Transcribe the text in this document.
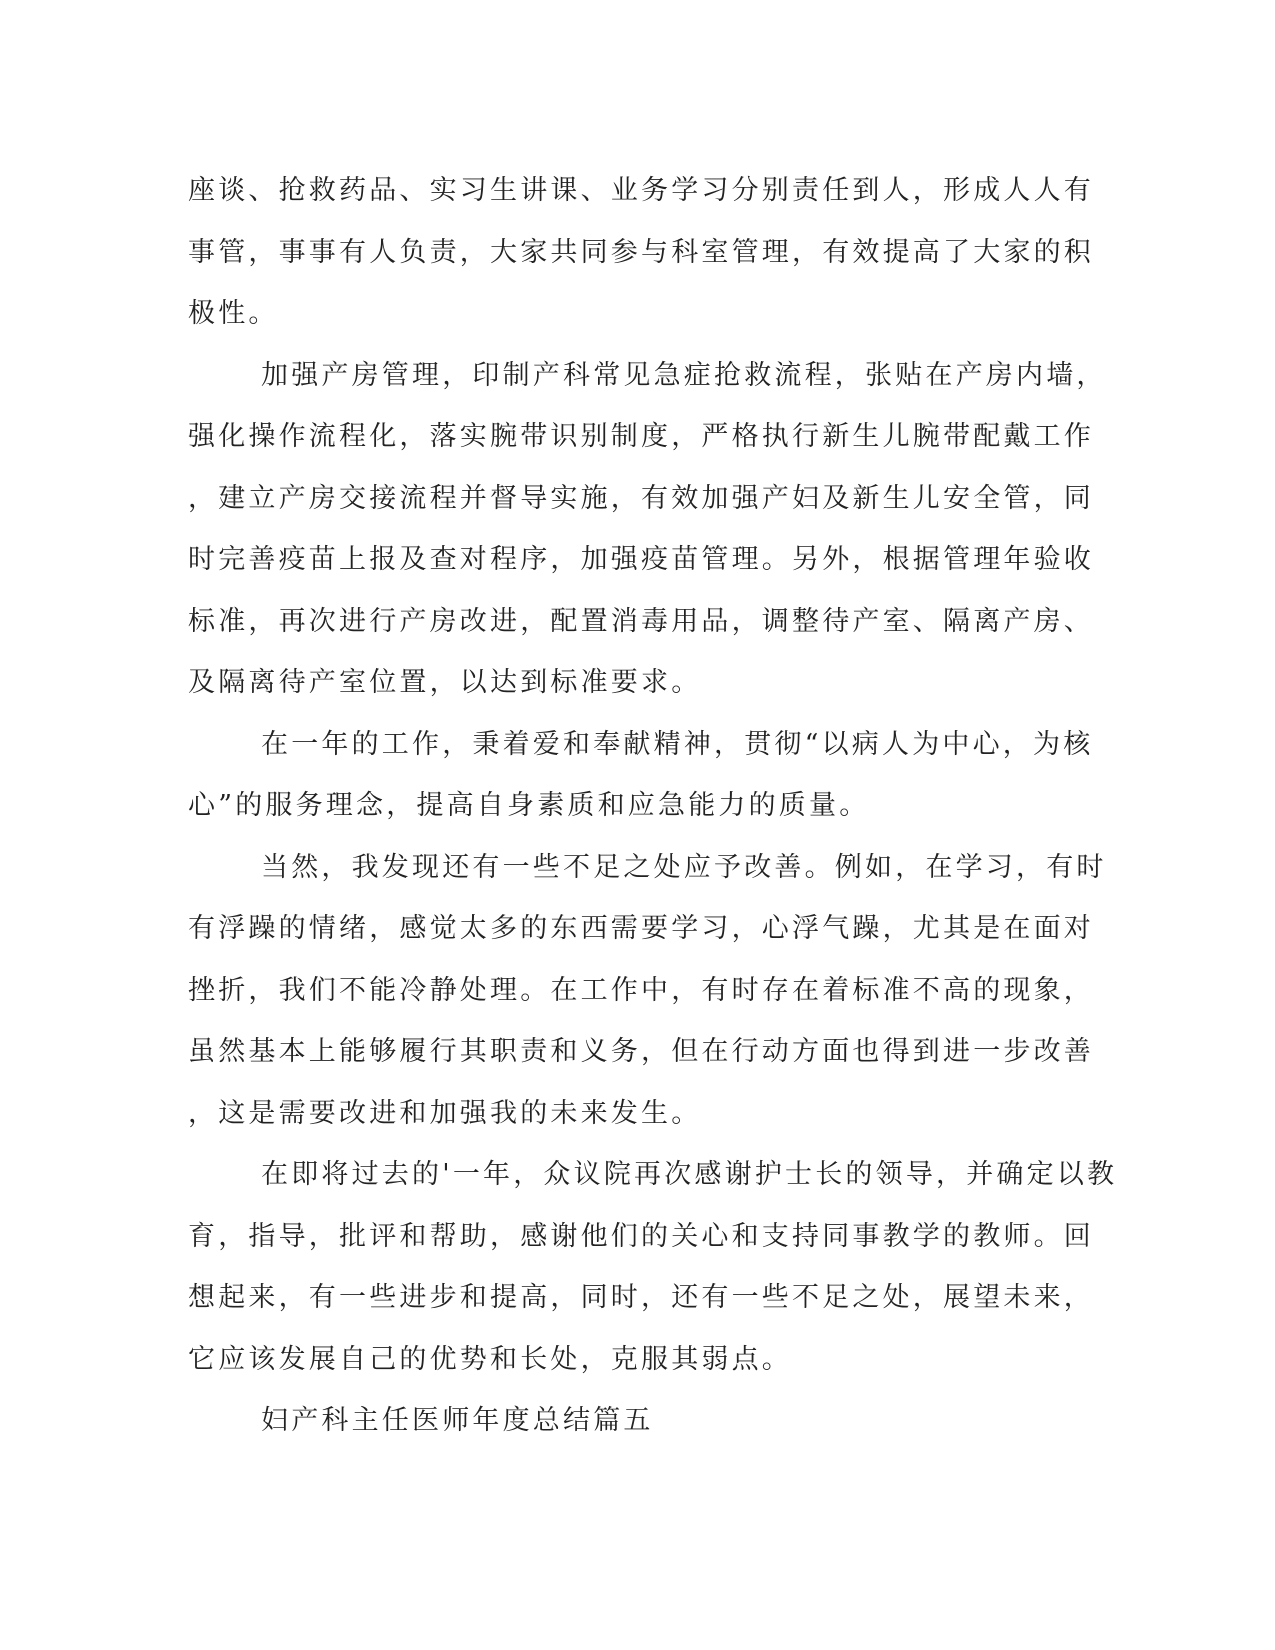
座谈、抢救药品、实习生讲课、业务学习分别责任到人，形成人人有
事管，事事有人负责，大家共同参与科室管理，有效提高了大家的积
极性。
加强产房管理，印制产科常见急症抢救流程，张贴在产房内墙，
强化操作流程化，落实腕带识别制度，严格执行新生儿腕带配戴工作
，建立产房交接流程并督导实施，有效加强产妇及新生儿安全管，同
时完善疫苗上报及查对程序，加强疫苗管理。另外，根据管理年验收
标准，再次进行产房改进，配置消毒用品，调整待产室、隔离产房、
及隔离待产室位置，以达到标准要求。
在一年的工作，秉着爱和奉献精神，贯彻“以病人为中心，为核
心”的服务理念，提高自身素质和应急能力的质量。
当然，我发现还有一些不足之处应予改善。例如，在学习，有时
有浮躁的情绪，感觉太多的东西需要学习，心浮气躁，尤其是在面对
挫折，我们不能冷静处理。在工作中，有时存在着标准不高的现象，
虽然基本上能够履行其职责和义务，但在行动方面也得到进一步改善
，这是需要改进和加强我的未来发生。
在即将过去的'一年，众议院再次感谢护士长的领导，并确定以教
育，指导，批评和帮助，感谢他们的关心和支持同事教学的教师。回
想起来，有一些进步和提高，同时，还有一些不足之处，展望未来，
它应该发展自己的优势和长处，克服其弱点。
妇产科主任医师年度总结篇五
